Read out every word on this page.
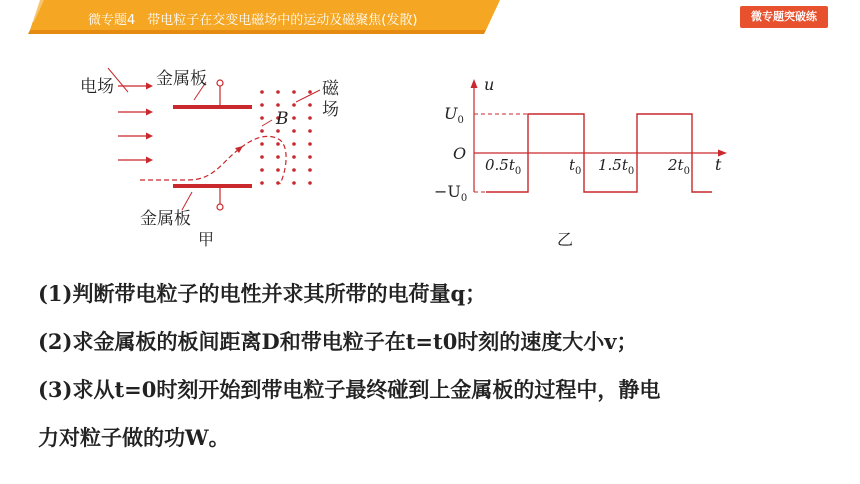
微专题4 带电粒子在交变电磁场中的运动及磁聚焦(发散)	微专题突破练
电场 金属板
金属板
磁
场
B
甲
u
t
O
$U_0$
$-U_0$
$0.5t_0$	$t_0$ $1.5t_0$ $2t_0$
乙
(1)判断带电粒子的电性并求其所带的电荷量q；
(2)求金属板的板间距离D和带电粒子在t=t0时刻的速度大小v；
(3)求从t=0时刻开始到带电粒子最终碰到上金属板的过程中，静电
力对粒子做的功W。
